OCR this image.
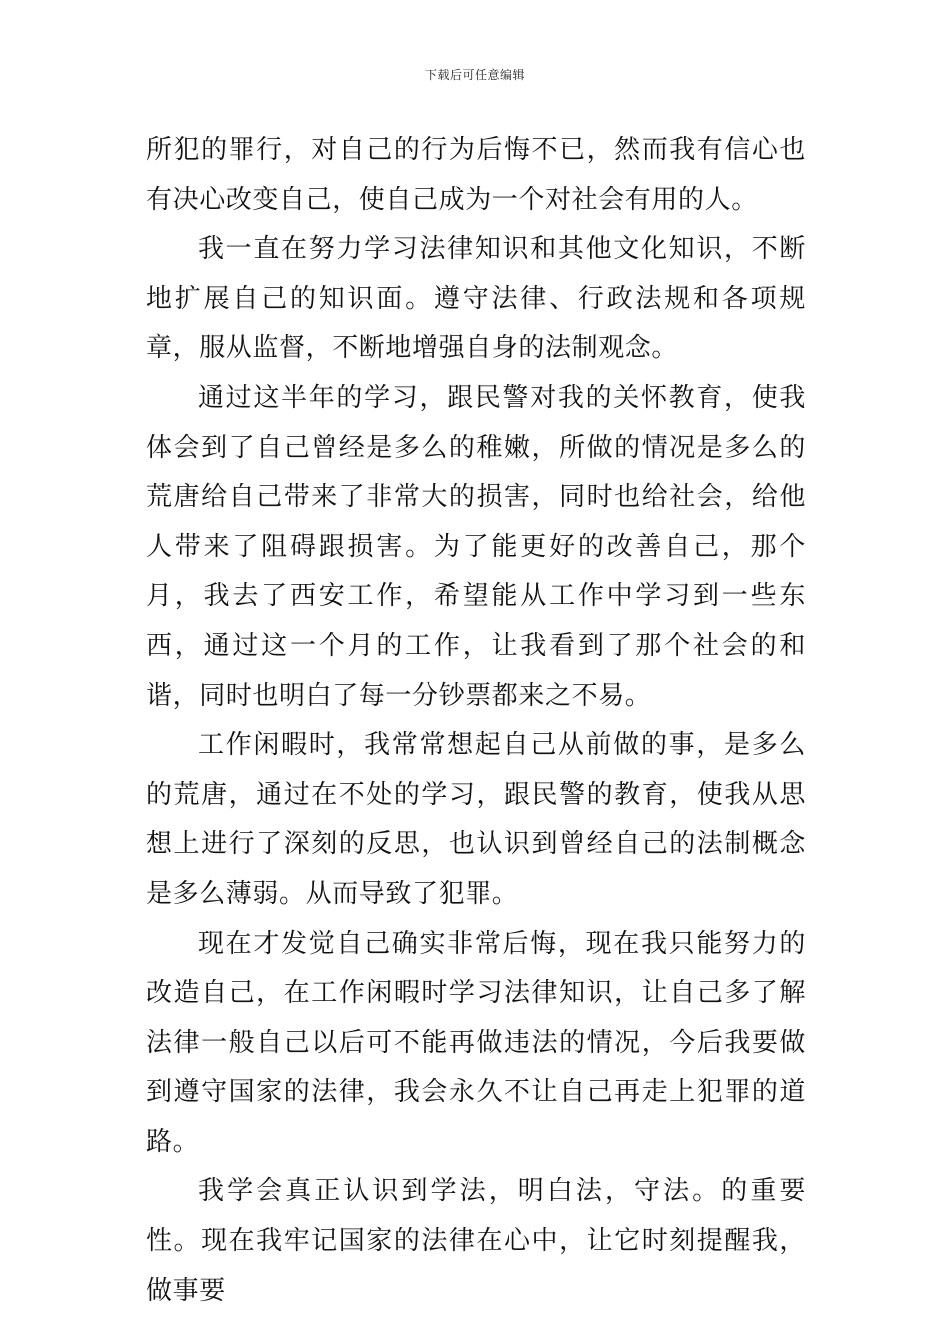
下载后可任意编辑

所犯的罪行，对自己的行为后悔不已，然而我有信心也有决心改变自己，使自己成为一个对社会有用的人。

我一直在努力学习法律知识和其他文化知识，不断地扩展自己的知识面。遵守法律、行政法规和各项规章，服从监督，不断地增强自身的法制观念。

通过这半年的学习，跟民警对我的关怀教育，使我体会到了自己曾经是多么的稚嫩，所做的情况是多么的荒唐给自己带来了非常大的损害，同时也给社会，给他人带来了阻碍跟损害。为了能更好的改善自己，那个月，我去了西安工作，希望能从工作中学习到一些东西，通过这一个月的工作，让我看到了那个社会的和谐，同时也明白了每一分钞票都来之不易。

工作闲暇时，我常常想起自己从前做的事，是多么的荒唐，通过在不处的学习，跟民警的教育，使我从思想上进行了深刻的反思，也认识到曾经自己的法制概念是多么薄弱。从而导致了犯罪。

现在才发觉自己确实非常后悔，现在我只能努力的改造自己，在工作闲暇时学习法律知识，让自己多了解法律一般自己以后可不能再做违法的情况，今后我要做到遵守国家的法律，我会永久不让自己再走上犯罪的道路。

我学会真正认识到学法，明白法，守法。的重要性。现在我牢记国家的法律在心中，让它时刻提醒我，做事要
